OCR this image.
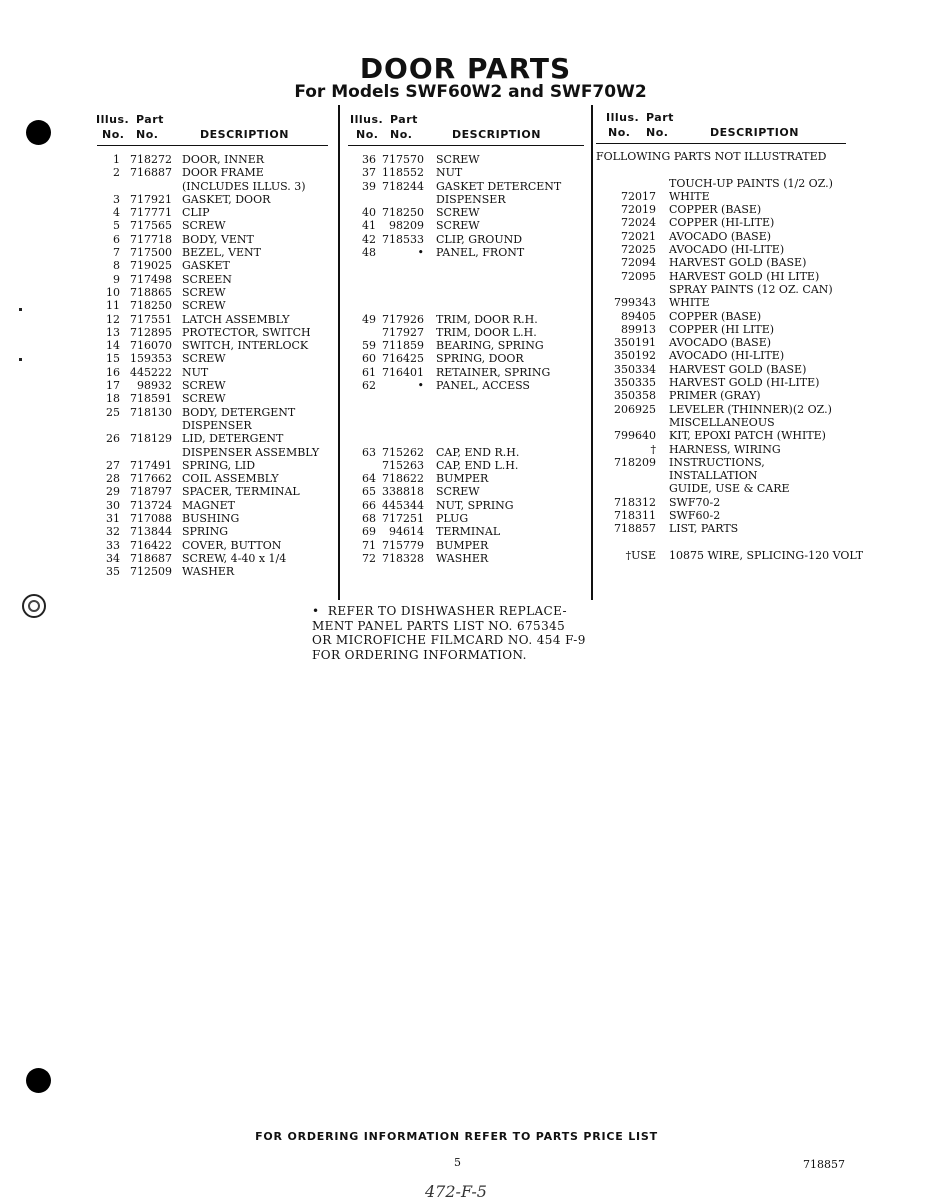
DOOR PARTS
For Models SWF60W2 and SWF70W2
Illus. Part
No. No.	DESCRIPTION
Illus. Part
No. No.	DESCRIPTION
Illus. Part
No. No.	DESCRIPTION
1 718272 DOOR, INNER
2 716887 DOOR FRAME
(INCLUDES ILLUS. 3)
3 717921 GASKET, DOOR
4 717771 CLIP
5 717565 SCREW
6 717718 BODY, VENT
7 717500 BEZEL, VENT
8 719025 GASKET
9 717498 SCREEN
10 718865 SCREW
11 718250 SCREW
12 717551 LATCH ASSEMBLY
13 712895 PROTECTOR, SWITCH
14 716070 SWITCH, INTERLOCK
15 159353 SCREW
16 445222 NUT
17	98932 SCREW
18 718591 SCREW
25 718130 BODY, DETERGENT
DISPENSER
26 718129 LID, DETERGENT
DISPENSER ASSEMBLY
27 717491 SPRING, LID
28 717662 COIL ASSEMBLY
29 718797 SPACER, TERMINAL
30 713724 MAGNET
31 717088 BUSHING
32 713844 SPRING
33 716422 COVER, BUTTON
34 718687 SCREW, 4-40 x 1/4
35 712509 WASHER
36 717570 SCREW
37 118552 NUT
39 718244 GASKET DETERCENT
DISPENSER
40 718250 SCREW
41	98209 SCREW
42 718533 CLIP, GROUND
48	• PANEL, FRONT
49 717926 TRIM, DOOR R.H.
717927 TRIM, DOOR L.H.
59 711859 BEARING, SPRING
60 716425 SPRING, DOOR
61 716401 RETAINER, SPRING
62	• PANEL, ACCESS
63 715262 CAP, END R.H.
715263 CAP, END L.H.
64 718622 BUMPER
65 338818 SCREW
66 445344 NUT, SPRING
68 717251 PLUG
69	94614 TERMINAL
71 715779 BUMPER
72 718328 WASHER
FOLLOWING PARTS NOT ILLUSTRATED
TOUCH-UP PAINTS (1/2 OZ.)
72017 WHITE
72019 COPPER (BASE)
72024 COPPER (HI-LITE)
72021 AVOCADO (BASE)
72025 AVOCADO (HI-LITE)
72094 HARVEST GOLD (BASE)
72095 HARVEST GOLD (HI LITE)
SPRAY PAINTS (12 OZ. CAN)
799343 WHITE
89405 COPPER (BASE)
89913 COPPER (HI LITE)
350191 AVOCADO (BASE)
350192 AVOCADO (HI-LITE)
350334 HARVEST GOLD (BASE)
350335 HARVEST GOLD (HI-LITE)
350358 PRIMER (GRAY)
206925 LEVELER (THINNER)(2 OZ.)
MISCELLANEOUS
799640 KIT, EPOXI PATCH (WHITE)
† HARNESS, WIRING
718209 INSTRUCTIONS,
INSTALLATION
GUIDE, USE & CARE
718312 SWF70-2
718311 SWF60-2
718857 LIST, PARTS
†USE 10875 WIRE, SPLICING-120 VOLT
•  REFER TO DISHWASHER REPLACE-
MENT PANEL PARTS LIST NO. 675345
OR MICROFICHE FILMCARD NO. 454 F-9
FOR ORDERING INFORMATION.
FOR ORDERING INFORMATION REFER TO PARTS PRICE LIST
5	718857
472-F-5
